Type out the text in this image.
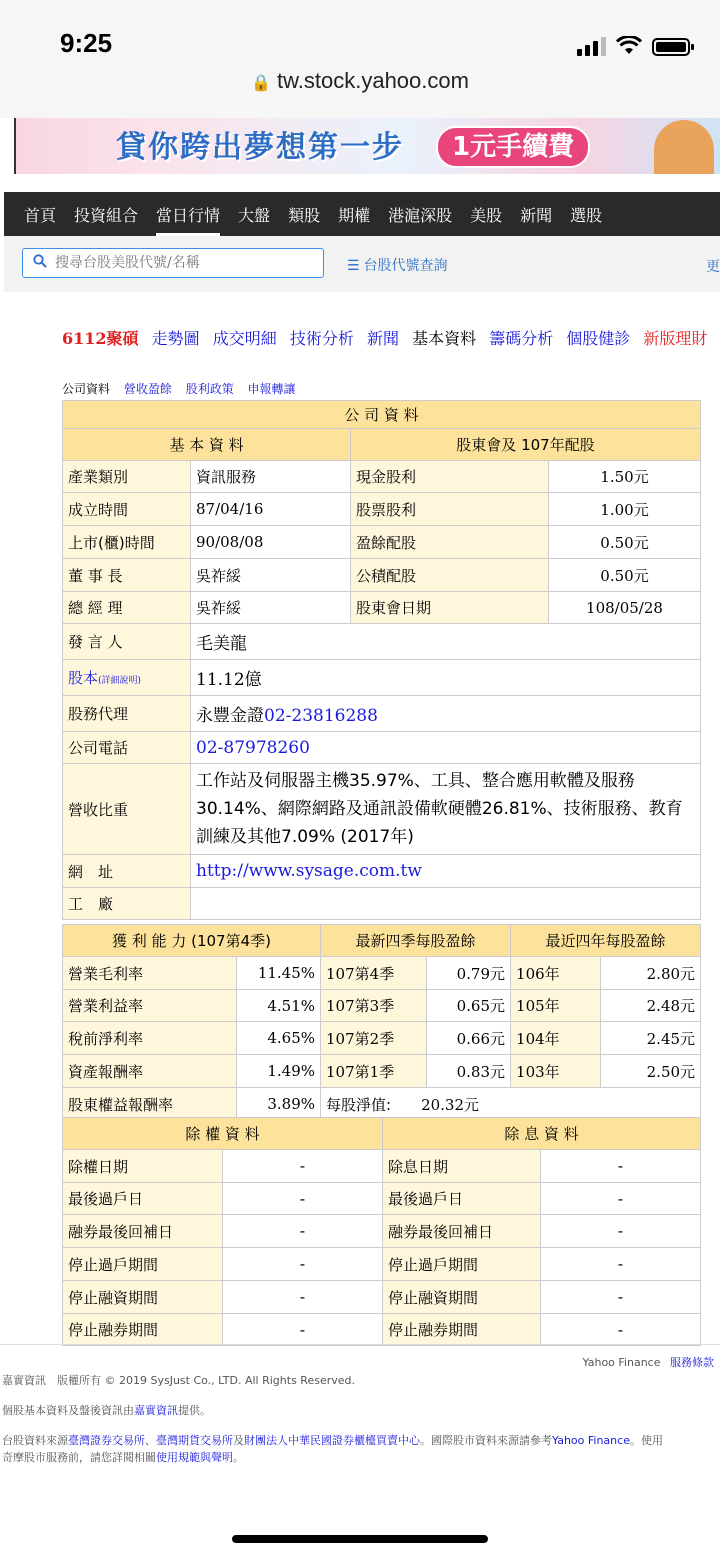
9:25
🔒 tw.stock.yahoo.com
貸你跨出夢想第一步	1元手續費
首頁 投資組合 當日行情 大盤 類股 期權 港滬深股 美股 新聞 選股
搜尋台股美股代號/名稱
☰ 台股代號查詢	更
6112聚碩 走勢圖 成交明細 技術分析 新聞 基本資料 籌碼分析 個股健診 新版理財
公司資料 營收盈餘 股利政策 申報轉讓
公 司 資 料			
基 本 資 料		股東會及 107年配股	
產業類別	資訊服務	現金股利	1.50元
成立時間	87/04/16	股票股利	1.00元
上市(櫃)時間	90/08/08	盈餘配股	0.50元
董 事 長	吳祚綏	公積配股	0.50元
總 經 理	吳祚綏	股東會日期	108/05/28
發 言 人	毛美龍		
股本(詳細說明)	11.12億		
股務代理	永豐金證02-23816288		
公司電話	02-87978260		
營收比重	工作站及伺服器主機35.97%、工具、整合應用軟體及服務30.14%、網際網路及通訊設備軟硬體26.81%、技術服務、教育訓練及其他7.09% (2017年)		
網　址	http://www.sysage.com.tw		
工　廠			
獲 利 能 力 (107第4季)		最新四季每股盈餘		最近四年每股盈餘	
營業毛利率	11.45%	107第4季	0.79元	106年	2.80元
營業利益率	4.51%	107第3季	0.65元	105年	2.48元
稅前淨利率	4.65%	107第2季	0.66元	104年	2.45元
資產報酬率	1.49%	107第1季	0.83元	103年	2.50元
股東權益報酬率	3.89%	每股淨值: 20.32元			
除 權 資 料		除 息 資 料	
除權日期	-	除息日期	-
最後過戶日	-	最後過戶日	-
融券最後回補日	-	融券最後回補日	-
停止過戶期間	-	停止過戶期間	-
停止融資期間	-	停止融資期間	-
停止融券期間	-	停止融券期間	-
Yahoo Finance 服務條款
嘉實資訊　版權所有 © 2019 SysJust Co., LTD. All Rights Reserved.
個股基本資料及盤後資訊由嘉實資訊提供。
台股資料來源臺灣證券交易所、臺灣期貨交易所及財團法人中華民國證券櫃檯買賣中心。國際股市資料來源請參考Yahoo Finance。使用
奇摩股市服務前，請您詳閱相關使用規範與聲明。
